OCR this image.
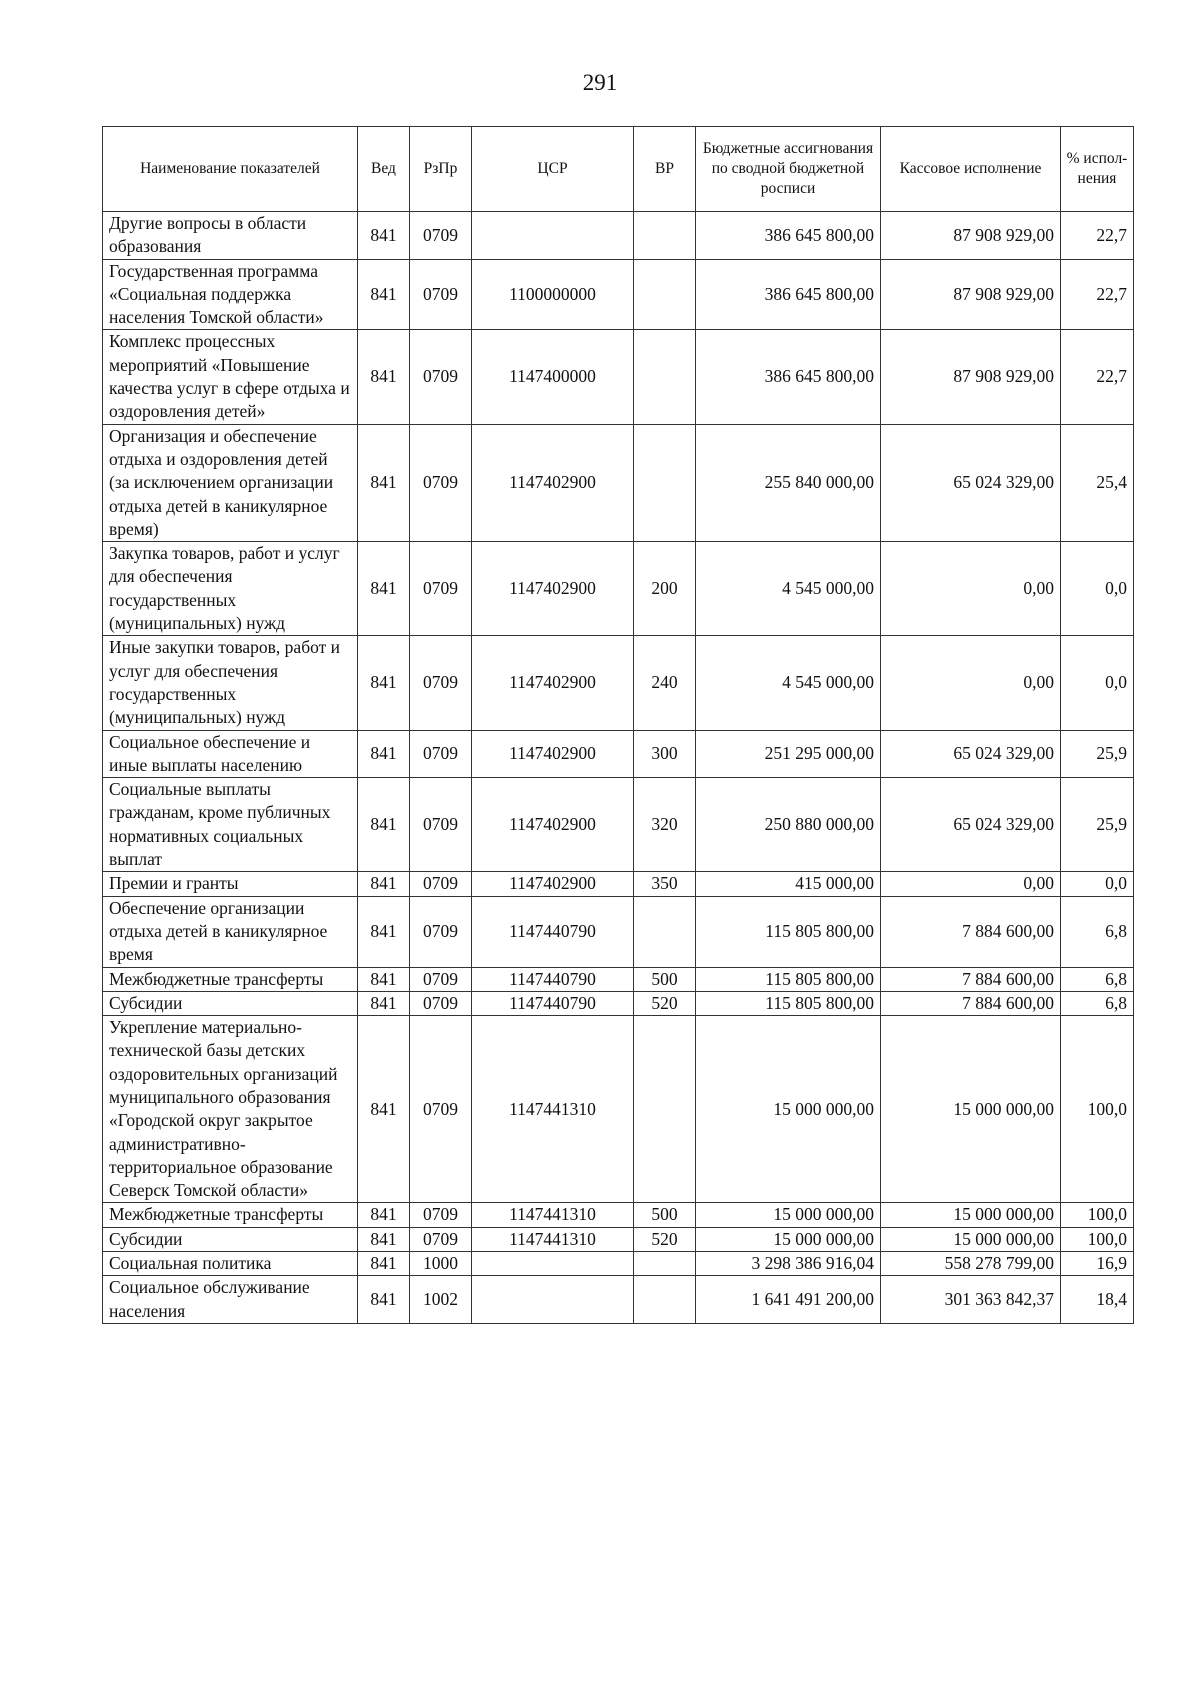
291
Наименование показателей	Вед	РзПр	ЦСР	ВР	Бюджетные ассигнования по сводной бюджетной росписи	Кассовое исполнение	% испол-нения
Другие вопросы в области образования	841	0709			386 645 800,00	87 908 929,00	22,7
Государственная программа «Социальная поддержка населения Томской области»	841	0709	1100000000		386 645 800,00	87 908 929,00	22,7
Комплекс процессных мероприятий «Повышение качества услуг в сфере отдыха и оздоровления детей»	841	0709	1147400000		386 645 800,00	87 908 929,00	22,7
Организация и обеспечение отдыха и оздоровления детей (за исключением организации отдыха детей в каникулярное время)	841	0709	1147402900		255 840 000,00	65 024 329,00	25,4
Закупка товаров, работ и услуг для обеспечения государственных (муниципальных) нужд	841	0709	1147402900	200	4 545 000,00	0,00	0,0
Иные закупки товаров, работ и услуг для обеспечения государственных (муниципальных) нужд	841	0709	1147402900	240	4 545 000,00	0,00	0,0
Социальное обеспечение и иные выплаты населению	841	0709	1147402900	300	251 295 000,00	65 024 329,00	25,9
Социальные выплаты гражданам, кроме публичных нормативных социальных выплат	841	0709	1147402900	320	250 880 000,00	65 024 329,00	25,9
Премии и гранты	841	0709	1147402900	350	415 000,00	0,00	0,0
Обеспечение организации отдыха детей в каникулярное время	841	0709	1147440790		115 805 800,00	7 884 600,00	6,8
Межбюджетные трансферты	841	0709	1147440790	500	115 805 800,00	7 884 600,00	6,8
Субсидии	841	0709	1147440790	520	115 805 800,00	7 884 600,00	6,8
Укрепление материально-технической базы детских оздоровительных организаций муниципального образования «Городской округ закрытое административно-территориальное образование Северск Томской области»	841	0709	1147441310		15 000 000,00	15 000 000,00	100,0
Межбюджетные трансферты	841	0709	1147441310	500	15 000 000,00	15 000 000,00	100,0
Субсидии	841	0709	1147441310	520	15 000 000,00	15 000 000,00	100,0
Социальная политика	841	1000			3 298 386 916,04	558 278 799,00	16,9
Социальное обслуживание населения	841	1002			1 641 491 200,00	301 363 842,37	18,4
